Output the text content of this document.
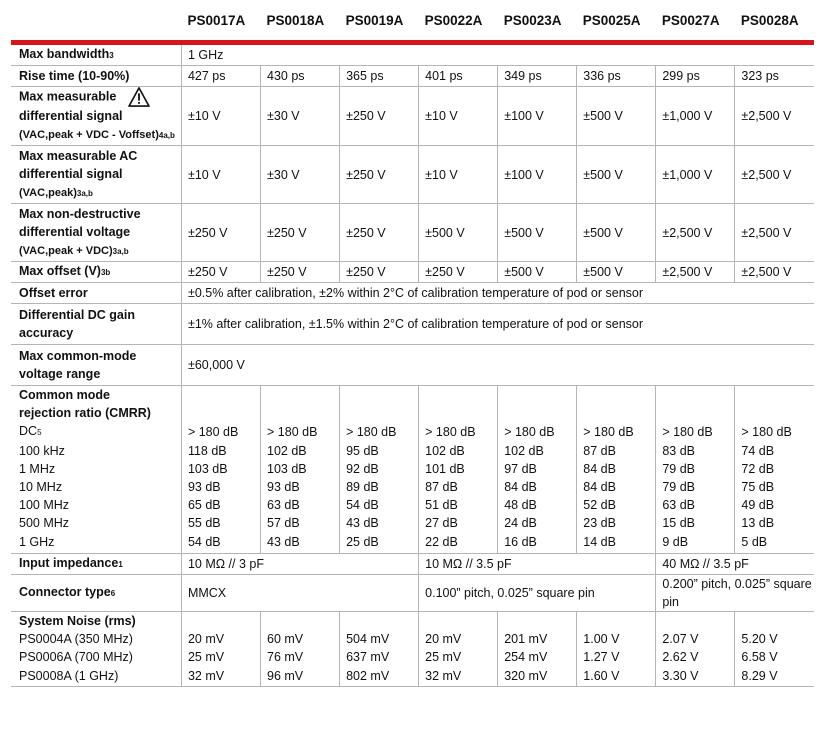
	PS0017A	PS0018A	PS0019A	PS0022A	PS0023A	PS0025A	PS0027A	PS0028A
Max bandwidth3	1 GHz							
Rise time (10-90%)	427 ps	430 ps	365 ps	401 ps	349 ps	336 ps	299 ps	323 ps
Max measurable
differential signal
(VAC,peak + VDC - Voffset)4a,b	±10 V	±30 V	±250 V	±10 V	±100 V	±500 V	±1,000 V	±2,500 V
Max measurable AC
differential signal
(VAC,peak)3a,b	±10 V	±30 V	±250 V	±10 V	±100 V	±500 V	±1,000 V	±2,500 V
Max non-destructive
differential voltage
(VAC,peak + VDC)3a,b	±250 V	±250 V	±250 V	±500 V	±500 V	±500 V	±2,500 V	±2,500 V
Max offset (V)3b	±250 V	±250 V	±250 V	±250 V	±500 V	±500 V	±2,500 V	±2,500 V
Offset error	±0.5% after calibration, ±2% within 2°C of calibration temperature of pod or sensor							
Differential DC gain
accuracy	±1% after calibration, ±1.5% within 2°C of calibration temperature of pod or sensor							
Max common-mode
voltage range	±60,000 V							
Common mode
rejection ratio (CMRR)								
DC5	> 180 dB	> 180 dB	> 180 dB	> 180 dB	> 180 dB	> 180 dB	> 180 dB	> 180 dB
100 kHz	118 dB	102 dB	95 dB	102 dB	102 dB	87 dB	83 dB	74 dB
1 MHz	103 dB	103 dB	92 dB	101 dB	97 dB	84 dB	79 dB	72 dB
10 MHz	93 dB	93 dB	89 dB	87 dB	84 dB	84 dB	79 dB	75 dB
100 MHz	65 dB	63 dB	54 dB	51 dB	48 dB	52 dB	63 dB	49 dB
500 MHz	55 dB	57 dB	43 dB	27 dB	24 dB	23 dB	15 dB	13 dB
1 GHz	54 dB	43 dB	25 dB	22 dB	16 dB	14 dB	9 dB	5 dB
Input impedance1	10 MΩ // 3 pF			10 MΩ // 3.5 pF			40 MΩ // 3.5 pF	
Connector type6	MMCX			0.100” pitch, 0.025” square pin			0.200” pitch, 0.025” square pin	
System Noise (rms)								
PS0004A (350 MHz)	20 mV	60 mV	504 mV	20 mV	201 mV	1.00 V	2.07 V	5.20 V
PS0006A (700 MHz)	25 mV	76 mV	637 mV	25 mV	254 mV	1.27 V	2.62 V	6.58 V
PS0008A (1 GHz)	32 mV	96 mV	802 mV	32 mV	320 mV	1.60 V	3.30 V	8.29 V
